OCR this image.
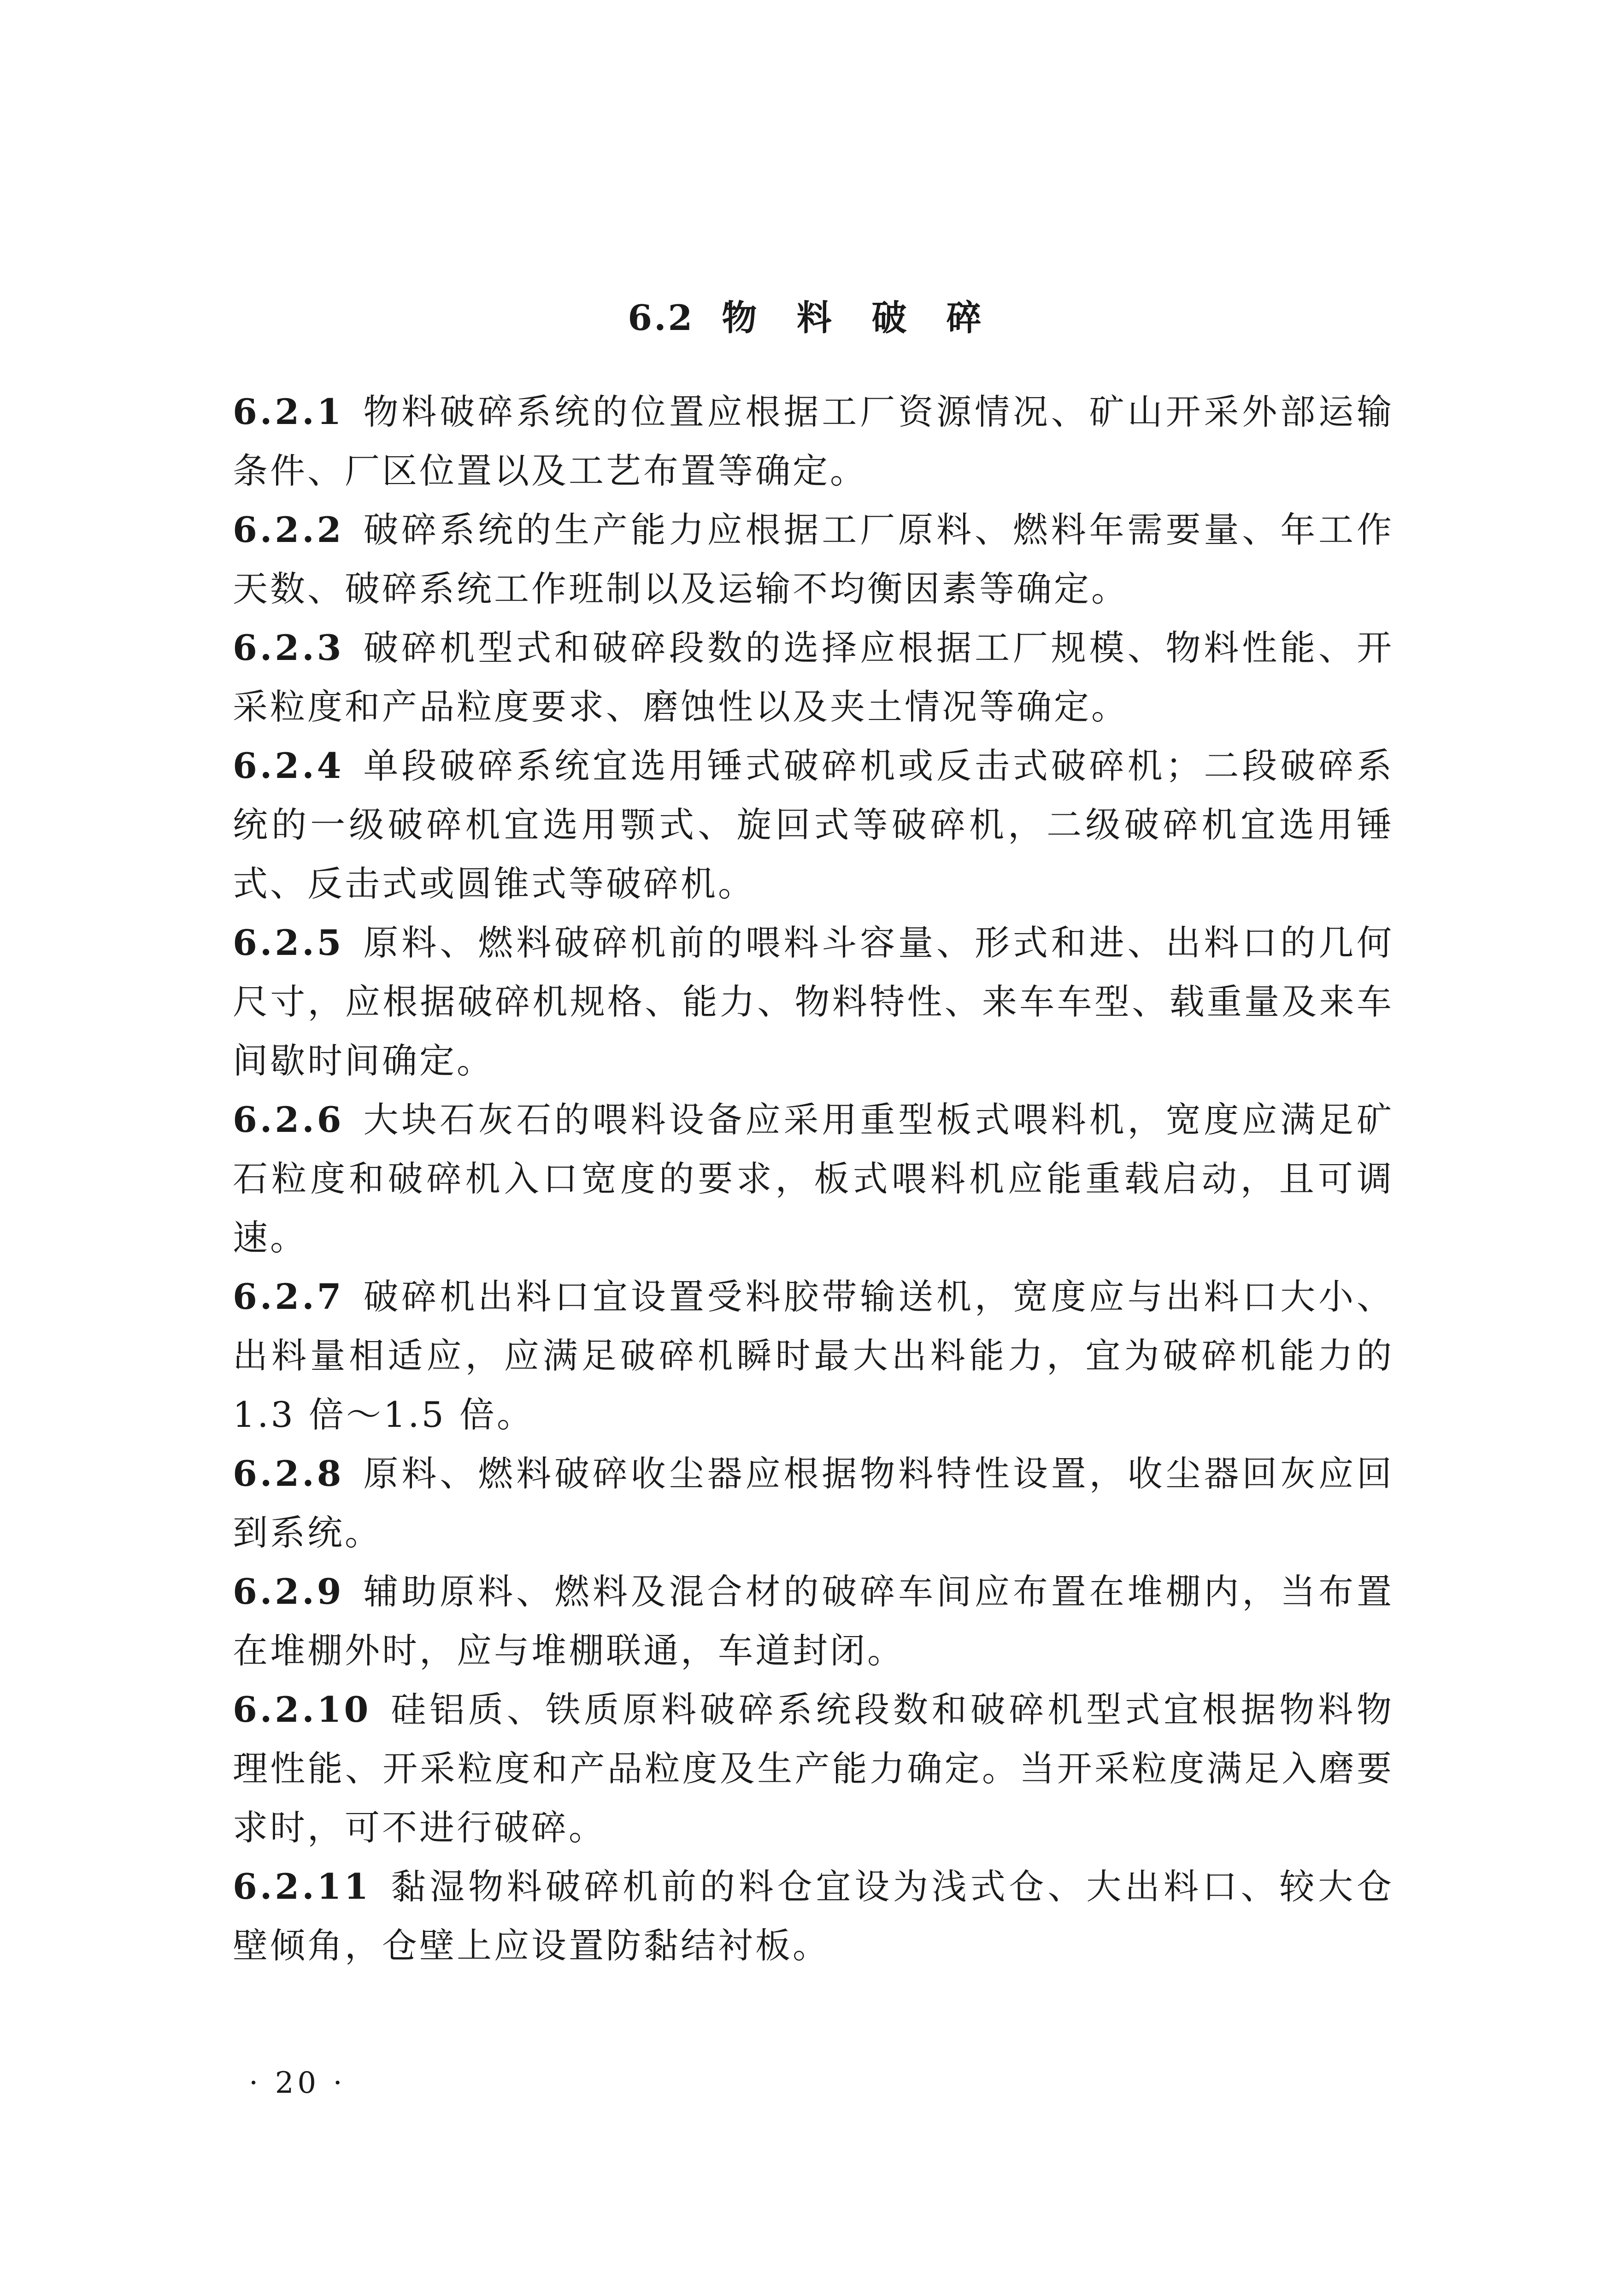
6.2 物 料 破 碎

6.2.1 物料破碎系统的位置应根据工厂资源情况、矿山开采外部运输条件、厂区位置以及工艺布置等确定。

6.2.2 破碎系统的生产能力应根据工厂原料、燃料年需要量、年工作天数、破碎系统工作班制以及运输不均衡因素等确定。

6.2.3 破碎机型式和破碎段数的选择应根据工厂规模、物料性能、开采粒度和产品粒度要求、磨蚀性以及夹土情况等确定。

6.2.4 单段破碎系统宜选用锤式破碎机或反击式破碎机；二段破碎系统的一级破碎机宜选用颚式、旋回式等破碎机，二级破碎机宜选用锤式、反击式或圆锥式等破碎机。

6.2.5 原料、燃料破碎机前的喂料斗容量、形式和进、出料口的几何尺寸，应根据破碎机规格、能力、物料特性、来车车型、载重量及来车间歇时间确定。

6.2.6 大块石灰石的喂料设备应采用重型板式喂料机，宽度应满足矿石粒度和破碎机入口宽度的要求，板式喂料机应能重载启动，且可调速。

6.2.7 破碎机出料口宜设置受料胶带输送机，宽度应与出料口大小、出料量相适应，应满足破碎机瞬时最大出料能力，宜为破碎机能力的 1.3 倍～1.5 倍。

6.2.8 原料、燃料破碎收尘器应根据物料特性设置，收尘器回灰应回到系统。

6.2.9 辅助原料、燃料及混合材的破碎车间应布置在堆棚内，当布置在堆棚外时，应与堆棚联通，车道封闭。

6.2.10 硅铝质、铁质原料破碎系统段数和破碎机型式宜根据物料物理性能、开采粒度和产品粒度及生产能力确定。当开采粒度满足入磨要求时，可不进行破碎。

6.2.11 黏湿物料破碎机前的料仓宜设为浅式仓、大出料口、较大仓壁倾角，仓壁上应设置防黏结衬板。

· 20 ·
